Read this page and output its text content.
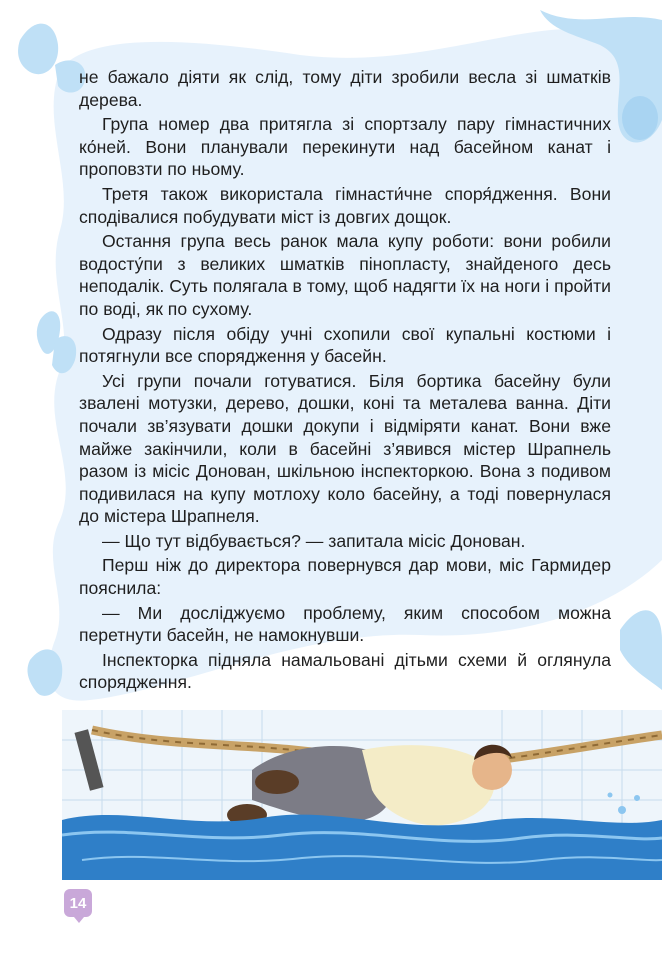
не бажало діяти як слід, тому діти зробили весла зі шматків дерева.

Група номер два притягла зі спортзалу пару гімнастичних ко́ней. Вони планували перекинути над басейном канат і проповзти по ньому.

Третя також використала гімнасти́чне споря́дження. Вони сподівалися побудувати міст із довгих дощок.

Остання група весь ранок мала купу роботи: вони робили водосту́пи з великих шматків пінопласту, знайденого десь неподалік. Суть полягала в тому, щоб надягти їх на ноги і пройти по воді, як по сухому.

Одразу після обіду учні схопили свої купальні костюми і потягнули все спорядження у басейн.

Усі групи почали готуватися. Біля бортика басейну були звалені мотузки, дерево, дошки, коні та металева ванна. Діти почали зв’язувати дошки докупи і відміряти канат. Вони вже майже закінчили, коли в басейні з’явився містер Шрапнель разом із місіс Донован, шкільною інспекторкою. Вона з подивом подивилася на купу мотлоху коло басейну, а тоді повернулася до містера Шрапнеля.

— Що тут відбувається? — запитала місіс Донован.

Перш ніж до директора повернувся дар мови, міс Гармидер пояснила:

— Ми досліджуємо проблему, яким способом можна перетнути басейн, не намокнувши.

Інспекторка підняла намальовані дітьми схеми й оглянула спорядження.

14
